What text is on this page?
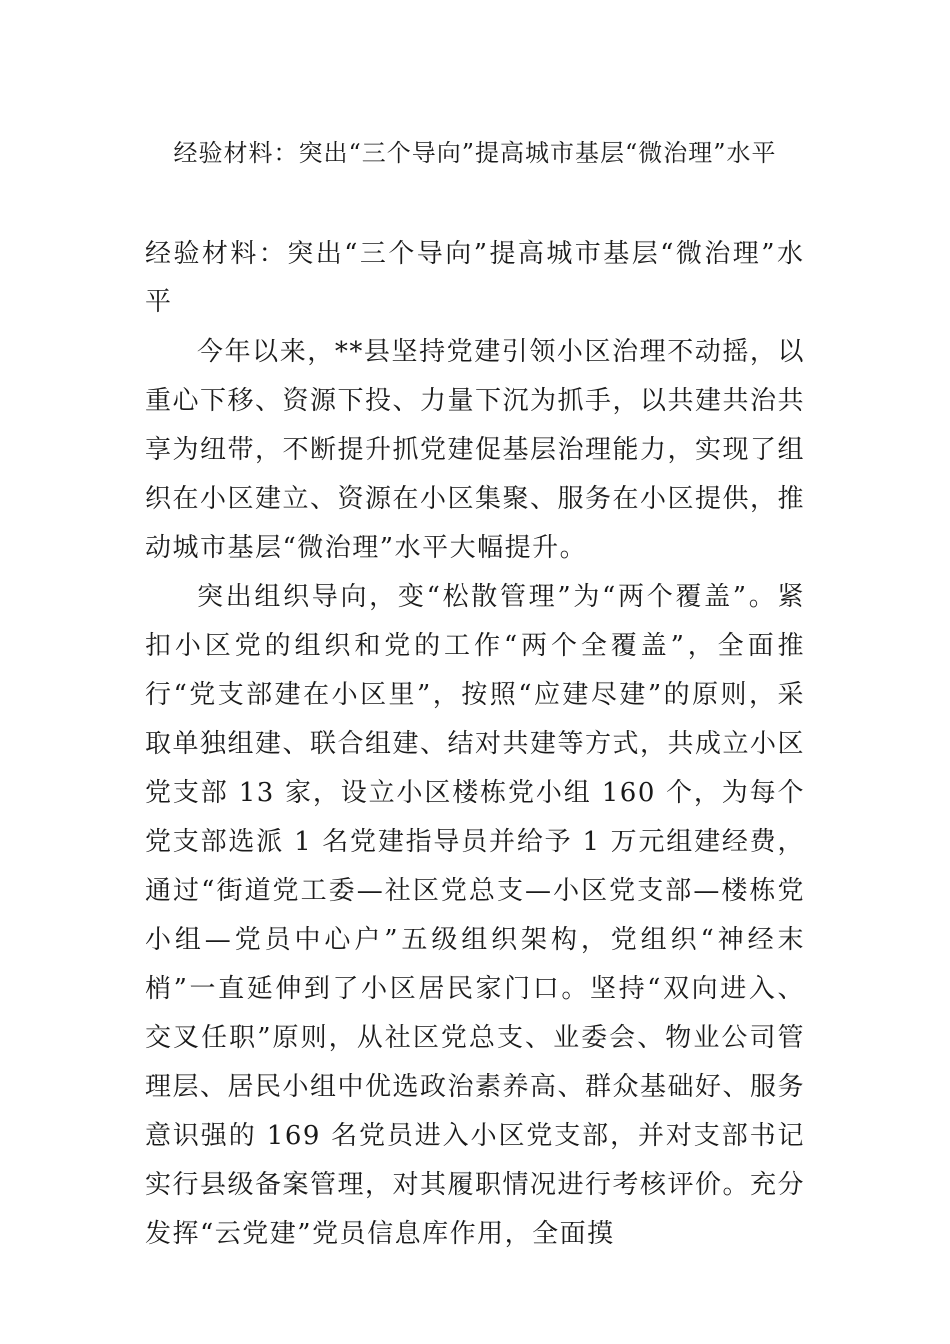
经验材料：突出“三个导向”提高城市基层“微治理”水平
经验材料：突出“三个导向”提高城市基层“微治理”水平

今年以来，**县坚持党建引领小区治理不动摇，以重心下移、资源下投、力量下沉为抓手，以共建共治共享为纽带，不断提升抓党建促基层治理能力，实现了组织在小区建立、资源在小区集聚、服务在小区提供，推动城市基层“微治理”水平大幅提升。

突出组织导向，变“松散管理”为“两个覆盖”。紧扣小区党的组织和党的工作“两个全覆盖”，全面推行“党支部建在小区里”，按照“应建尽建”的原则，采取单独组建、联合组建、结对共建等方式，共成立小区党支部 13 家，设立小区楼栋党小组 160 个，为每个党支部选派 1 名党建指导员并给予 1 万元组建经费，通过“街道党工委—社区党总支—小区党支部—楼栋党小组—党员中心户”五级组织架构，党组织“神经末梢”一直延伸到了小区居民家门口。坚持“双向进入、交叉任职”原则，从社区党总支、业委会、物业公司管理层、居民小组中优选政治素养高、群众基础好、服务意识强的 169 名党员进入小区党支部，并对支部书记实行县级备案管理，对其履职情况进行考核评价。充分发挥“云党建”党员信息库作用，全面摸
